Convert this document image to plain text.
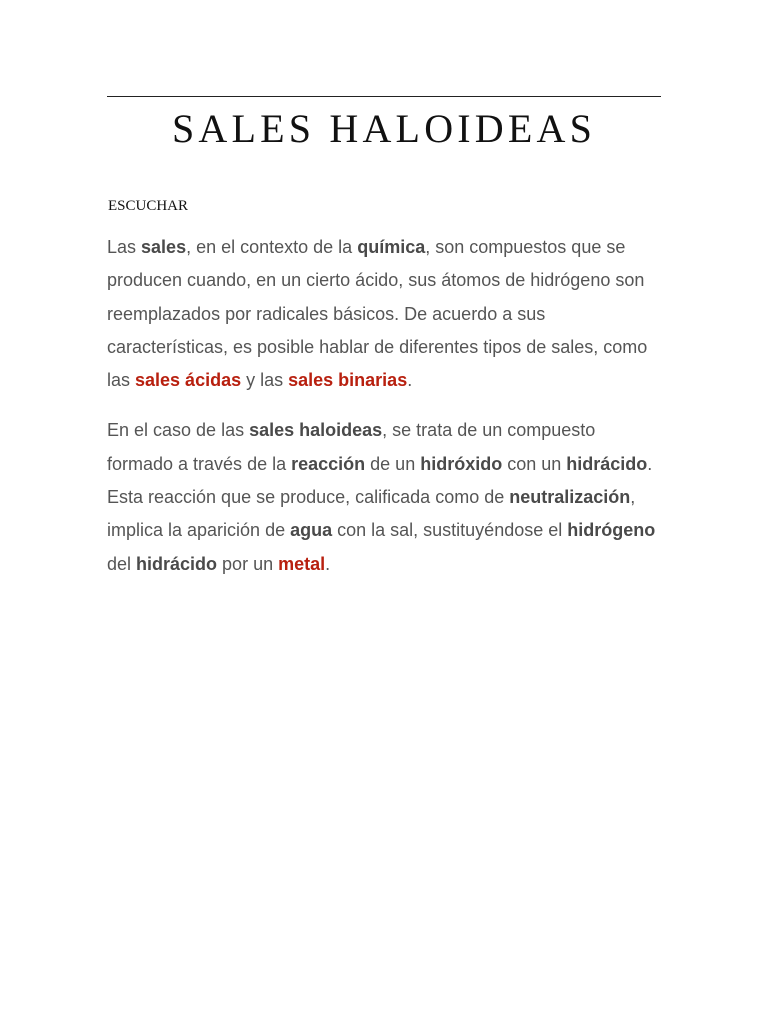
SALES HALOIDEAS
ESCUCHAR

Las sales, en el contexto de la química, son compuestos que se producen cuando, en un cierto ácido, sus átomos de hidrógeno son reemplazados por radicales básicos. De acuerdo a sus características, es posible hablar de diferentes tipos de sales, como las sales ácidas y las sales binarias.

En el caso de las sales haloideas, se trata de un compuesto formado a través de la reacción de un hidróxido con un hidrácido. Esta reacción que se produce, calificada como de neutralización, implica la aparición de agua con la sal, sustituyéndose el hidrógeno del hidrácido por un metal.
